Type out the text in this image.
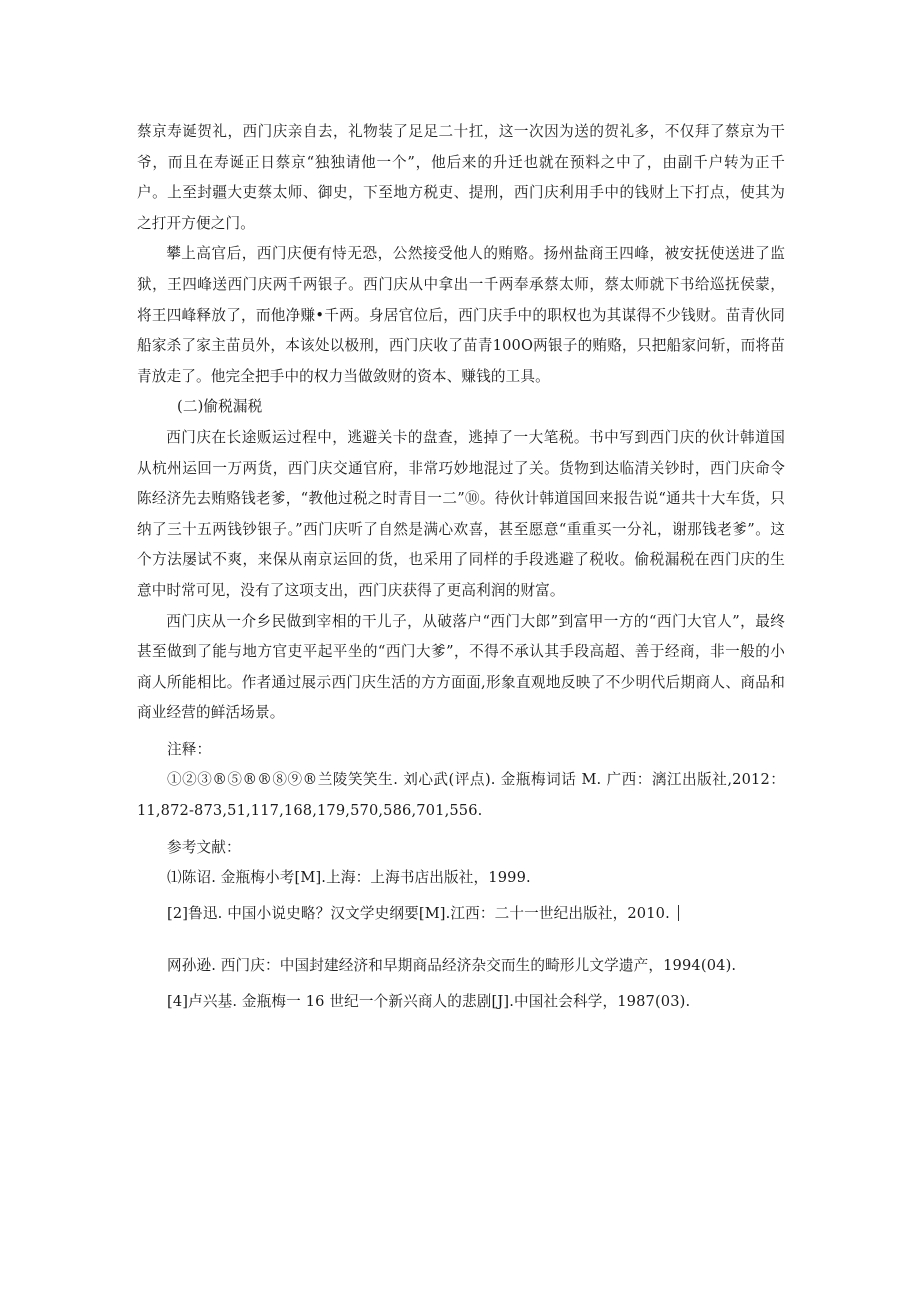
蔡京寿诞贺礼，西门庆亲自去，礼物装了足足二十扛，这一次因为送的贺礼多，不仅拜了蔡京为干爷，而且在寿诞正日蔡京“独独请他一个”，他后来的升迁也就在预料之中了，由副千户转为正千户。上至封疆大吏蔡太师、御史，下至地方税吏、提刑，西门庆利用手中的钱财上下打点，使其为之打开方便之门。

攀上高官后，西门庆便有恃无恐，公然接受他人的贿赂。扬州盐商王四峰，被安抚使送进了监狱，王四峰送西门庆两千两银子。西门庆从中拿出一千两奉承蔡太师，蔡太师就下书给巡抚侯蒙，将王四峰释放了，而他净赚•千两。身居官位后，西门庆手中的职权也为其谋得不少钱财。苗青伙同船家杀了家主苗员外，本该处以极刑，西门庆收了苗青100O两银子的贿赂，只把船家问斩，而将苗青放走了。他完全把手中的权力当做敛财的资本、赚钱的工具。

(二)偷税漏税

西门庆在长途贩运过程中，逃避关卡的盘查，逃掉了一大笔税。书中写到西门庆的伙计韩道国从杭州运回一万两货，西门庆交通官府，非常巧妙地混过了关。货物到达临清关钞时，西门庆命令陈经济先去贿赂钱老爹，“教他过税之时青目一二”⑩。待伙计韩道国回来报告说“通共十大车货，只纳了三十五两钱钞银子。”西门庆听了自然是满心欢喜，甚至愿意“重重买一分礼，谢那钱老爹”。这个方法屡试不爽，来保从南京运回的货，也采用了同样的手段逃避了税收。偷税漏税在西门庆的生意中时常可见，没有了这项支出，西门庆获得了更高利润的财富。

西门庆从一介乡民做到宰相的干儿子，从破落户“西门大郎”到富甲一方的“西门大官人”，最终甚至做到了能与地方官吏平起平坐的“西门大爹”，不得不承认其手段高超、善于经商，非一般的小商人所能相比。作者通过展示西门庆生活的方方面面,形象直观地反映了不少明代后期商人、商品和商业经营的鲜活场景。

注释：

①②③®⑤®®⑧⑨®兰陵笑笑生. 刘心武(评点). 金瓶梅词话 M. 广西：漓江出版社,2012： 11,872-873,51,117,168,179,570,586,701,556.

参考文献：

⑴陈诏. 金瓶梅小考[M].上海：上海书店出版社，1999.

[2]鲁迅. 中国小说史略？汉文学史纲要[M].江西：二十一世纪出版社，2010.

网孙逊. 西门庆：中国封建经济和早期商品经济杂交而生的畸形儿文学遗产，1994(04).

[4]卢兴基. 金瓶梅一 16 世纪一个新兴商人的悲剧[J].中国社会科学，1987(03).
